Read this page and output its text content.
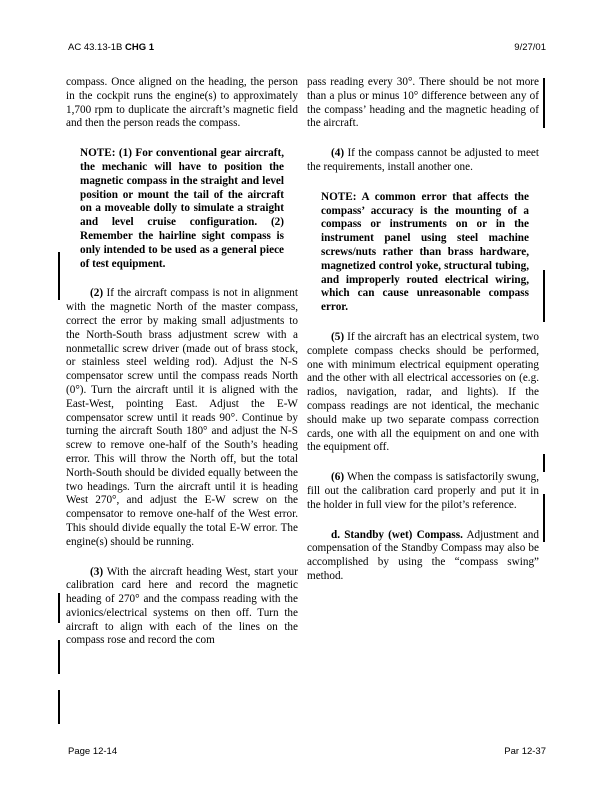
AC 43.13-1B CHG 1	9/27/01

compass. Once aligned on the heading, the person in the cockpit runs the engine(s) to approximately 1,700 rpm to duplicate the aircraft’s magnetic field and then the person reads the compass.

NOTE: (1) For conventional gear aircraft, the mechanic will have to position the magnetic compass in the straight and level position or mount the tail of the aircraft on a moveable dolly to simulate a straight and level cruise configuration. (2) Remember the hairline sight compass is only intended to be used as a general piece of test equipment.

(2) If the aircraft compass is not in alignment with the magnetic North of the master compass, correct the error by making small adjustments to the North-South brass adjustment screw with a nonmetallic screw driver (made out of brass stock, or stainless steel welding rod). Adjust the N-S compensator screw until the compass reads North (0°). Turn the aircraft until it is aligned with the East-West, pointing East. Adjust the E-W compensator screw until it reads 90°. Continue by turning the aircraft South 180° and adjust the N-S screw to remove one-half of the South’s heading error. This will throw the North off, but the total North-South should be divided equally between the two headings. Turn the aircraft until it is heading West 270°, and adjust the E-W screw on the compensator to remove one-half of the West error. This should divide equally the total E-W error. The engine(s) should be running.

(3) With the aircraft heading West, start your calibration card here and record the magnetic heading of 270° and the compass reading with the avionics/electrical systems on then off. Turn the aircraft to align with each of the lines on the compass rose and record the com

pass reading every 30°. There should be not more than a plus or minus 10° difference between any of the compass’ heading and the magnetic heading of the aircraft.

(4) If the compass cannot be adjusted to meet the requirements, install another one.

NOTE: A common error that affects the compass’ accuracy is the mounting of a compass or instruments on or in the instrument panel using steel machine screws/nuts rather than brass hardware, magnetized control yoke, structural tubing, and improperly routed electrical wiring, which can cause unreasonable compass error.

(5) If the aircraft has an electrical system, two complete compass checks should be performed, one with minimum electrical equipment operating and the other with all electrical accessories on (e.g. radios, navigation, radar, and lights). If the compass readings are not identical, the mechanic should make up two separate compass correction cards, one with all the equipment on and one with the equipment off.

(6) When the compass is satisfactorily swung, fill out the calibration card properly and put it in the holder in full view for the pilot’s reference.

d. Standby (wet) Compass. Adjustment and compensation of the Standby Compass may also be accomplished by using the “compass swing” method.

Page 12-14	Par 12-37
